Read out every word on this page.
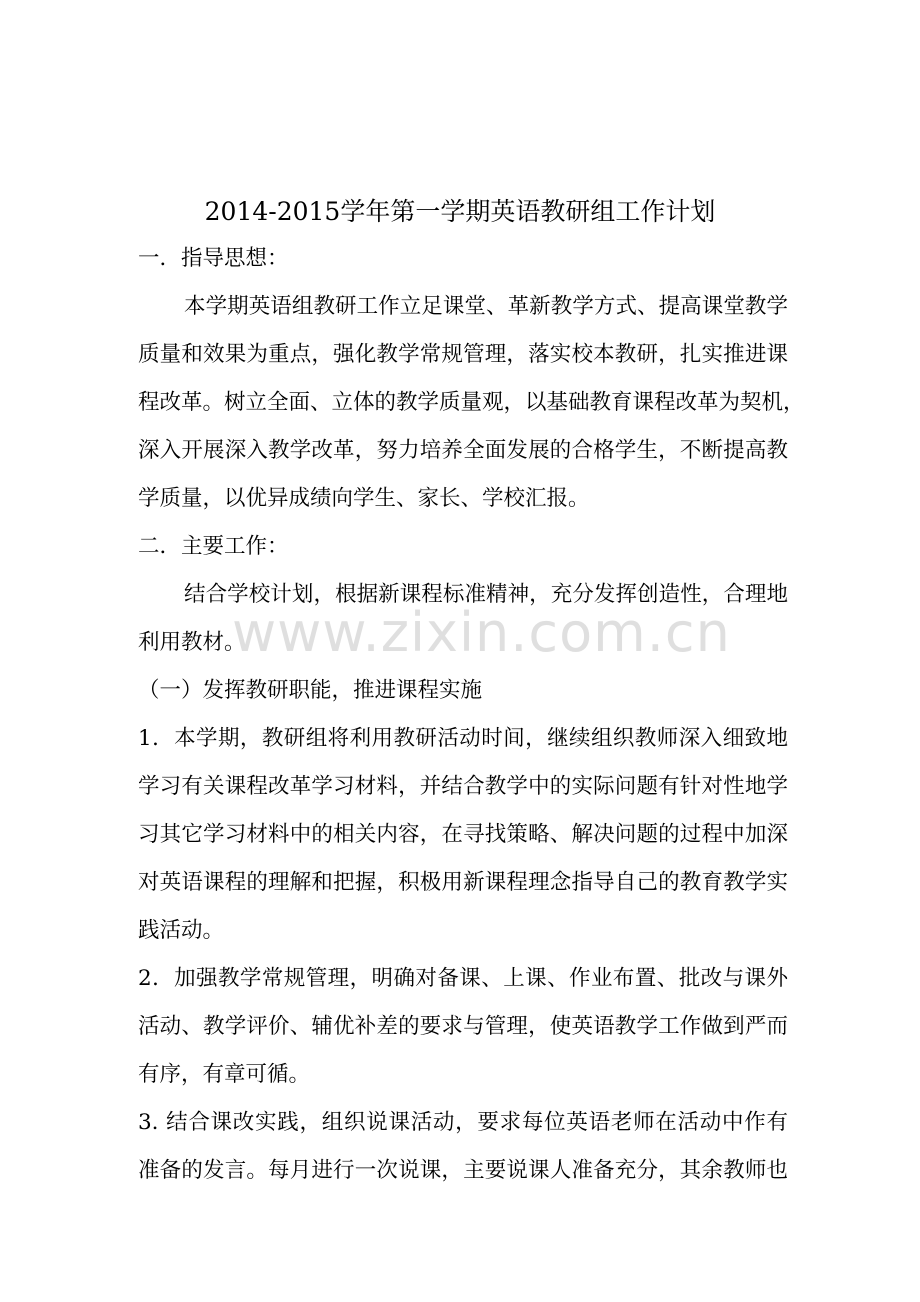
2014-2015学年第一学期英语教研组工作计划
一．指导思想：
本学期英语组教研工作立足课堂、革新教学方式、提高课堂教学
质量和效果为重点，强化教学常规管理，落实校本教研，扎实推进课
程改革。树立全面、立体的教学质量观，以基础教育课程改革为契机，
深入开展深入教学改革，努力培养全面发展的合格学生，不断提高教
学质量，以优异成绩向学生、家长、学校汇报。
二．主要工作：
结合学校计划，根据新课程标准精神，充分发挥创造性，合理地
利用教材。
（一）发挥教研职能，推进课程实施
1．本学期，教研组将利用教研活动时间，继续组织教师深入细致地
学习有关课程改革学习材料，并结合教学中的实际问题有针对性地学
习其它学习材料中的相关内容，在寻找策略、解决问题的过程中加深
对英语课程的理解和把握，积极用新课程理念指导自己的教育教学实
践活动。
2．加强教学常规管理，明确对备课、上课、作业布置、批改与课外
活动、教学评价、辅优补差的要求与管理，使英语教学工作做到严而
有序，有章可循。
3. 结合课改实践，组织说课活动，要求每位英语老师在活动中作有
准备的发言。每月进行一次说课，主要说课人准备充分，其余教师也
www.zixin.com.cn
